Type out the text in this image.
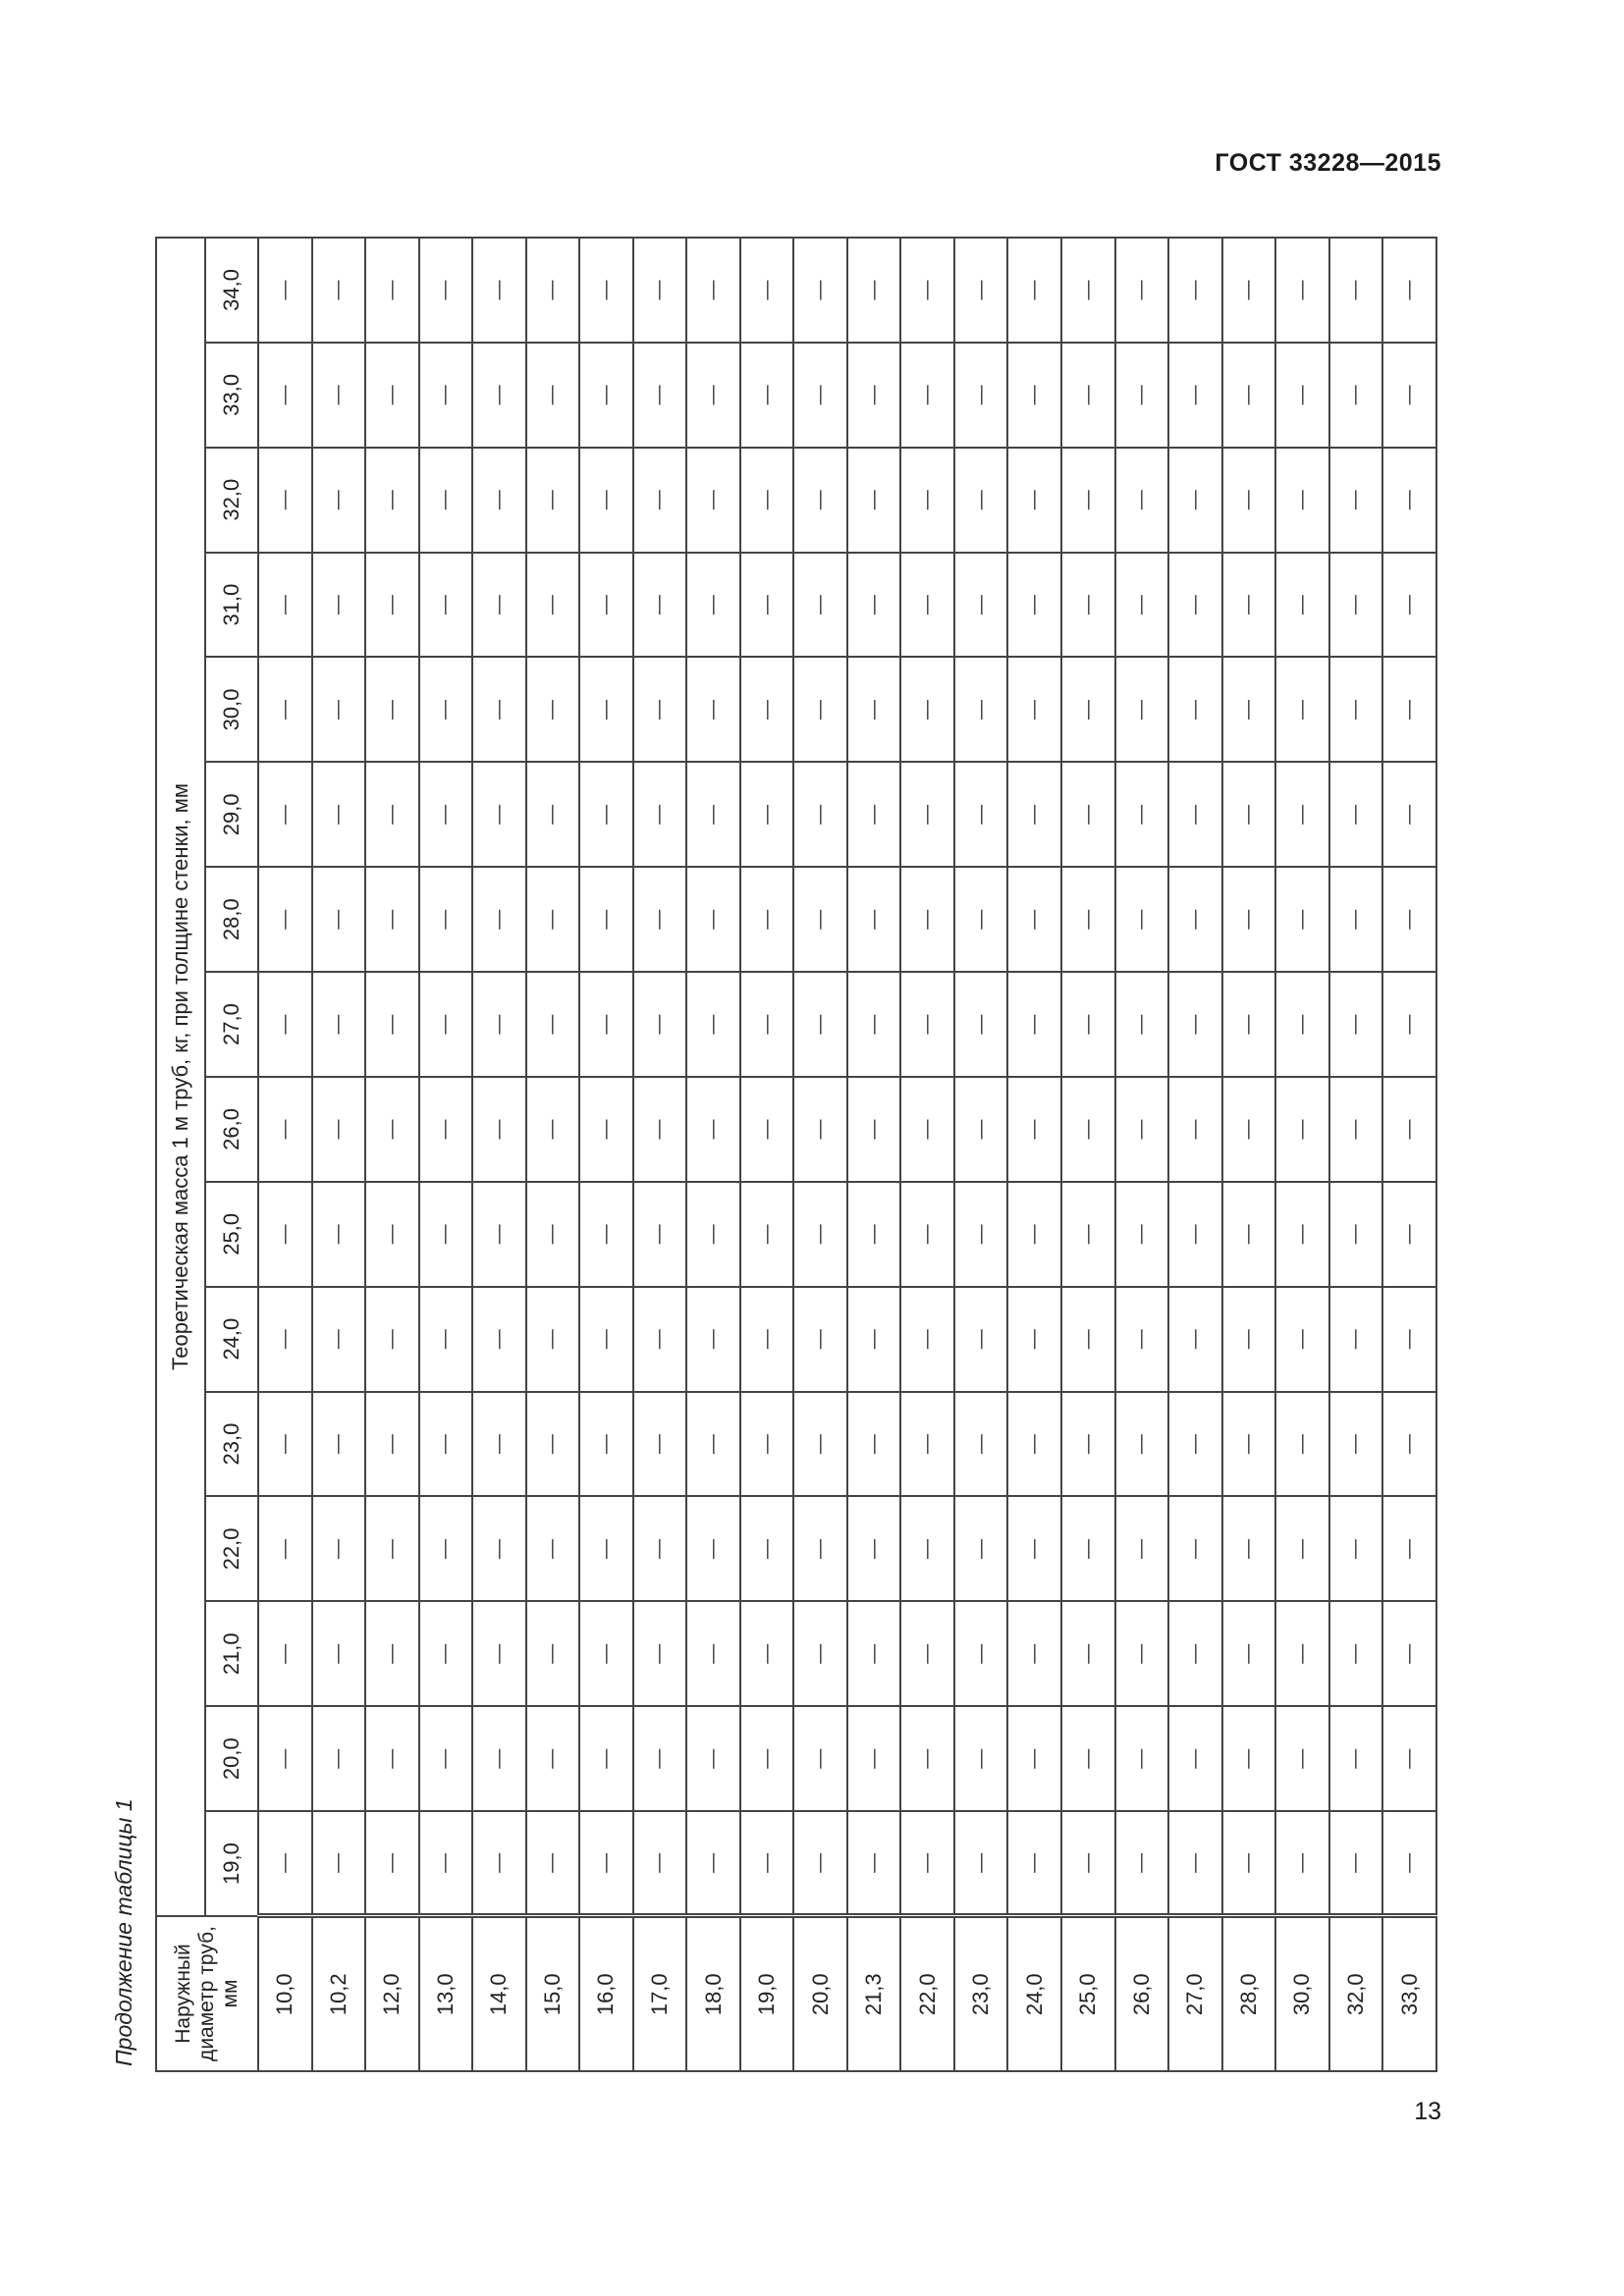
ГОСТ 33228—2015
Продолжение таблицы 1	Наружный диаметр труб, мм	Теоретическая масса 1 м труб, кг, при толщине стенки, мм															
	19,0	20,0	21,0	22,0	23,0	24,0	25,0	26,0	27,0	28,0	29,0	30,0	31,0	32,0	33,0	34,0
10,0	—	—	—	—	—	—	—	—	—	—	—	—	—	—	—	—
10,2	—	—	—	—	—	—	—	—	—	—	—	—	—	—	—	—
12,0	—	—	—	—	—	—	—	—	—	—	—	—	—	—	—	—
13,0	—	—	—	—	—	—	—	—	—	—	—	—	—	—	—	—
14,0	—	—	—	—	—	—	—	—	—	—	—	—	—	—	—	—
15,0	—	—	—	—	—	—	—	—	—	—	—	—	—	—	—	—
16,0	—	—	—	—	—	—	—	—	—	—	—	—	—	—	—	—
17,0	—	—	—	—	—	—	—	—	—	—	—	—	—	—	—	—
18,0	—	—	—	—	—	—	—	—	—	—	—	—	—	—	—	—
19,0	—	—	—	—	—	—	—	—	—	—	—	—	—	—	—	—
20,0	—	—	—	—	—	—	—	—	—	—	—	—	—	—	—	—
21,3	—	—	—	—	—	—	—	—	—	—	—	—	—	—	—	—
22,0	—	—	—	—	—	—	—	—	—	—	—	—	—	—	—	—
23,0	—	—	—	—	—	—	—	—	—	—	—	—	—	—	—	—
24,0	—	—	—	—	—	—	—	—	—	—	—	—	—	—	—	—
25,0	—	—	—	—	—	—	—	—	—	—	—	—	—	—	—	—
26,0	—	—	—	—	—	—	—	—	—	—	—	—	—	—	—	—
27,0	—	—	—	—	—	—	—	—	—	—	—	—	—	—	—	—
28,0	—	—	—	—	—	—	—	—	—	—	—	—	—	—	—	—
30,0	—	—	—	—	—	—	—	—	—	—	—	—	—	—	—	—
32,0	—	—	—	—	—	—	—	—	—	—	—	—	—	—	—	—
33,0	—	—	—	—	—	—	—	—	—	—	—	—	—	—	—	—
13
